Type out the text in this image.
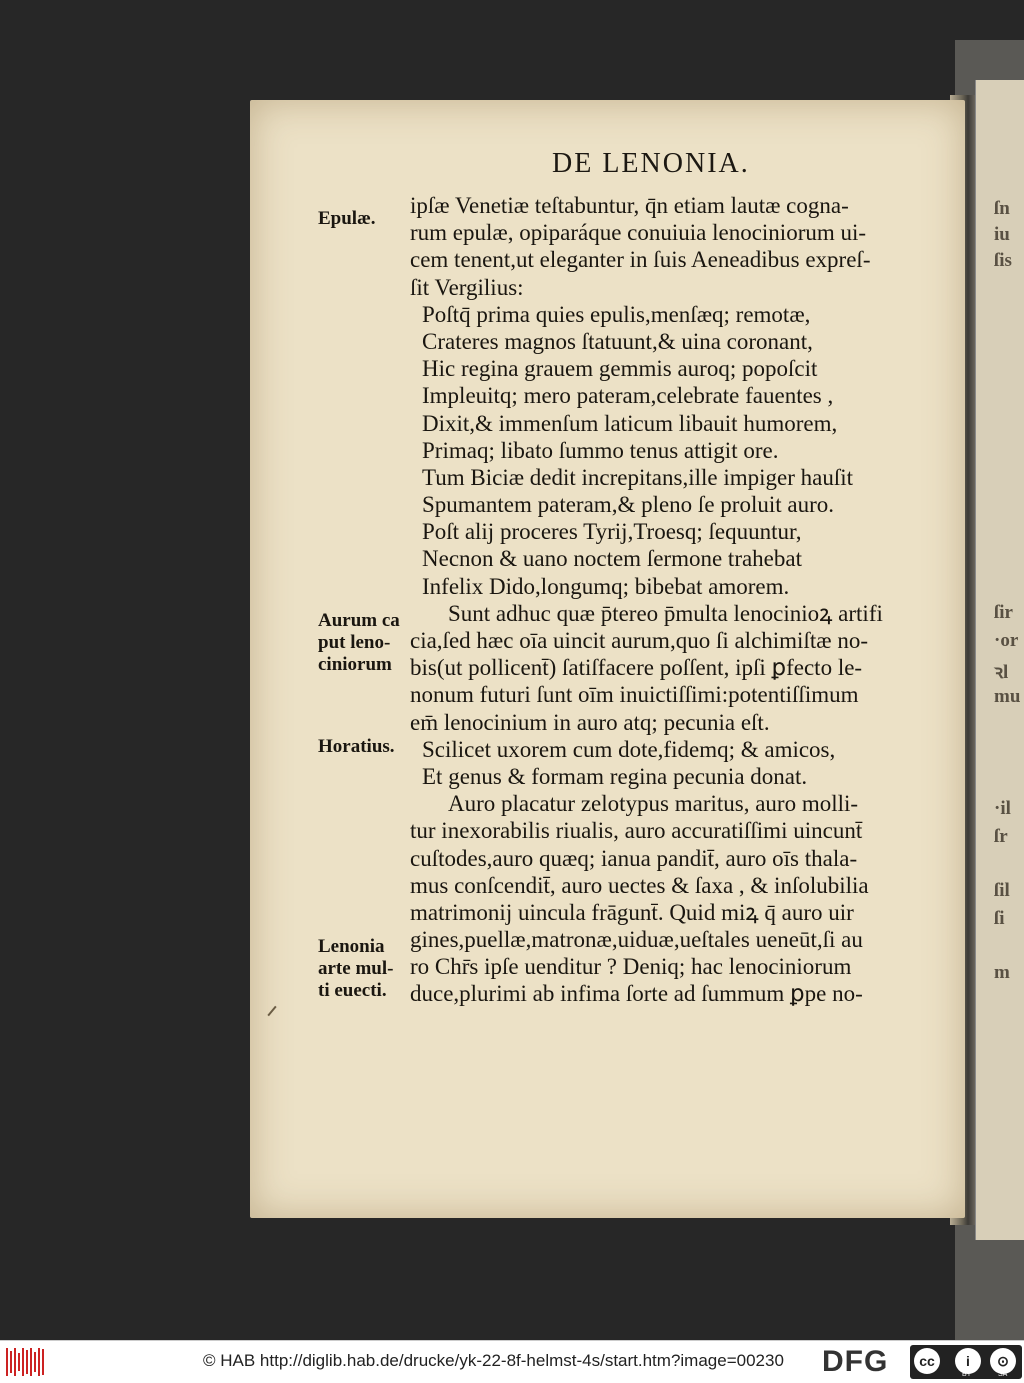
ſn
iu
ſis
ſir
·or
ꝛl
mu
·il
ſr
ſil
ſi
m
DE LENONIA.
ipſæ Venetiæ teſtabuntur, q̄n etiam lautæ cogna-
rum epulæ, opiparáque conuiuia lenociniorum ui-
cem tenent,ut eleganter in ſuis Aeneadibus expreſ-
ſit Vergilius:
Poſtq̄ prima quies epulis,menſæq; remotæ,
Crateres magnos ſtatuunt,& uina coronant,
Hic regina grauem gemmis auroq; popoſcit
Impleuitq; mero pateram,celebrate fauentes ,
Dixit,& immenſum laticum libauit humorem,
Primaq; libato ſummo tenus attigit ore.
Tum Biciæ dedit increpitans,ille impiger hauſit
Spumantem pateram,& pleno ſe proluit auro.
Poſt alij proceres Tyrij,Troesq; ſequuntur,
Necnon & uano noctem ſermone trahebat
Infelix Dido,longumq; bibebat amorem.
Sunt adhuc quæ p̄tereo p̄multa lenocinioꝝ artifi
cia,ſed hæc oīa uincit aurum,quo ſi alchimiſtæ no-
bis(ut pollicent̄) ſatiſfacere poſſent, ipſi ꝑfecto le-
nonum futuri ſunt oīm inuictiſſimi:potentiſſimum
em̄ lenocinium in auro atq; pecunia eſt.
Scilicet uxorem cum dote,fidemq; & amicos,
Et genus & formam regina pecunia donat.
Auro placatur zelotypus maritus, auro molli-
tur inexorabilis riualis, auro accuratiſſimi uincunt̄
cuſtodes,auro quæq; ianua pandit̄, auro oīs thala-
mus conſcendit̄, auro uectes & ſaxa , & inſolubilia
matrimonij uincula frāgunt̄. Quid miꝝ q̄ auro uir
gines,puellæ,matronæ,uiduæ,ueſtales ueneūt,ſi au
ro Chr̄s ipſe uenditur ? Deniq; hac lenociniorum
duce,plurimi ab infima ſorte ad ſummum ꝑpe no-
Epulæ.
Aurum ca
put leno-
ciniorum
Horatius.
Lenonia
arte mul-
ti euecti.
© HAB http://diglib.hab.de/drucke/yk-22-8f-helmst-4s/start.htm?image=00230 DFG	cc	i	⊙
BY	SA
